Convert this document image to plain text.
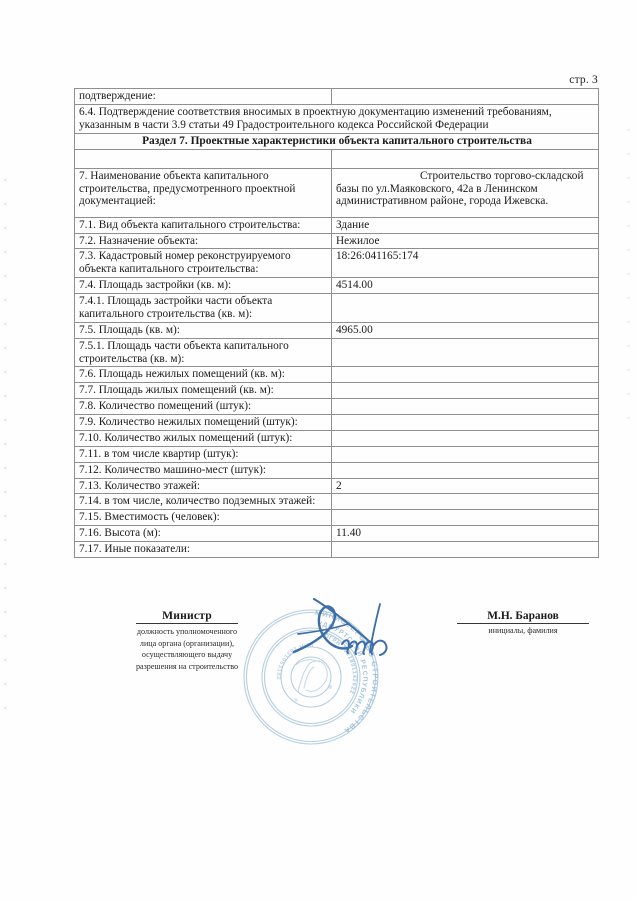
стр. 3
подтверждение:	
6.4. Подтверждение соответствия вносимых в проектную документацию изменений требованиям, указанным в части 3.9 статьи 49 Градостроительного кодекса Российской Федерации	
Раздел 7. Проектные характеристики объекта капитального строительства	

7. Наименование объекта капитального строительства, предусмотренного проектной документацией:	Строительство торгово-складской базы по ул.Маяковского, 42а в Ленинском административном районе, города Ижевска.
7.1. Вид объекта капитального строительства:	Здание
7.2. Назначение объекта:	Нежилое
7.3. Кадастровый номер реконструируемого объекта капитального строительства:	18:26:041165:174
7.4. Площадь застройки (кв. м):	4514.00
7.4.1. Площадь застройки части объекта капитального строительства (кв. м):	
7.5. Площадь (кв. м):	4965.00
7.5.1. Площадь части объекта капитального строительства (кв. м):	
7.6. Площадь нежилых помещений (кв. м):	
7.7. Площадь жилых помещений (кв. м):	
7.8. Количество помещений (штук):	
7.9. Количество нежилых помещений (штук):	
7.10. Количество жилых помещений (штук):	
7.11. в том числе квартир (штук):	
7.12. Количество машино-мест (штук):	
7.13. Количество этажей:	2
7.14. в том числе, количество подземных этажей:	
7.15. Вместимость (человек):	
7.16. Высота (м):	11.40
7.17. Иные показатели:	
Министр
должность уполномоченного
лица органа (организации),
осуществляющего выдачу
разрешения на строительство
МИНИСТЕРСТВО СТРОИТЕЛЬСТВА
УДМУРТСКОЙ РЕСПУБЛИКИ
ОГРН 1021801142022
ИНН 1831053182
М.Н. Баранов
инициалы, фамилия
